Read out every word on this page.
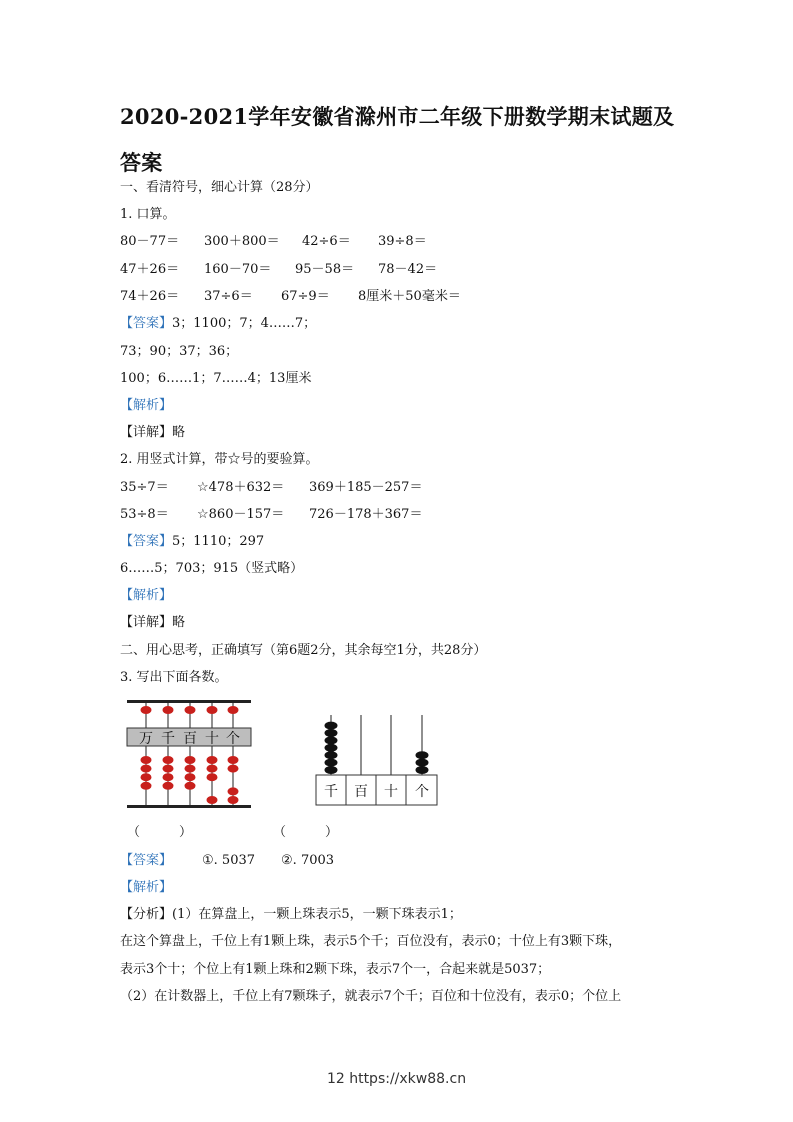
2020-2021学年安徽省滁州市二年级下册数学期末试题及答案
一、看清符号，细心计算（28分）
1. 口算。
80－77＝ 300＋800＝ 42÷6＝ 39÷8＝
47＋26＝ 160－70＝ 95－58＝ 78－42＝
74＋26＝ 37÷6＝ 67÷9＝ 8厘米＋50毫米＝
【答案】3；1100；7；4……7；
73；90；37；36；
100；6……1；7……4；13厘米
【解析】
【详解】略
2. 用竖式计算，带☆号的要验算。
35÷7＝ ☆478＋632＝ 369＋185－257＝
53÷8＝ ☆860－157＝ 726－178＋367＝
【答案】5；1110；297
6……5；703；915（竖式略）
【解析】
【详解】略
二、用心思考，正确填写（第6题2分，其余每空1分，共28分）
3. 写出下面各数。
万 千 百 十 个
千 百 十 个
（　　　）	（　　　）
【答案】 ①. 5037　　②. 7003
【解析】
【分析】(1）在算盘上，一颗上珠表示5，一颗下珠表示1；
在这个算盘上，千位上有1颗上珠，表示5个千；百位没有，表示0；十位上有3颗下珠，
表示3个十；个位上有1颗上珠和2颗下珠，表示7个一，合起来就是5037；
（2）在计数器上，千位上有7颗珠子，就表示7个千；百位和十位没有，表示0；个位上
12 https://xkw88.cn
